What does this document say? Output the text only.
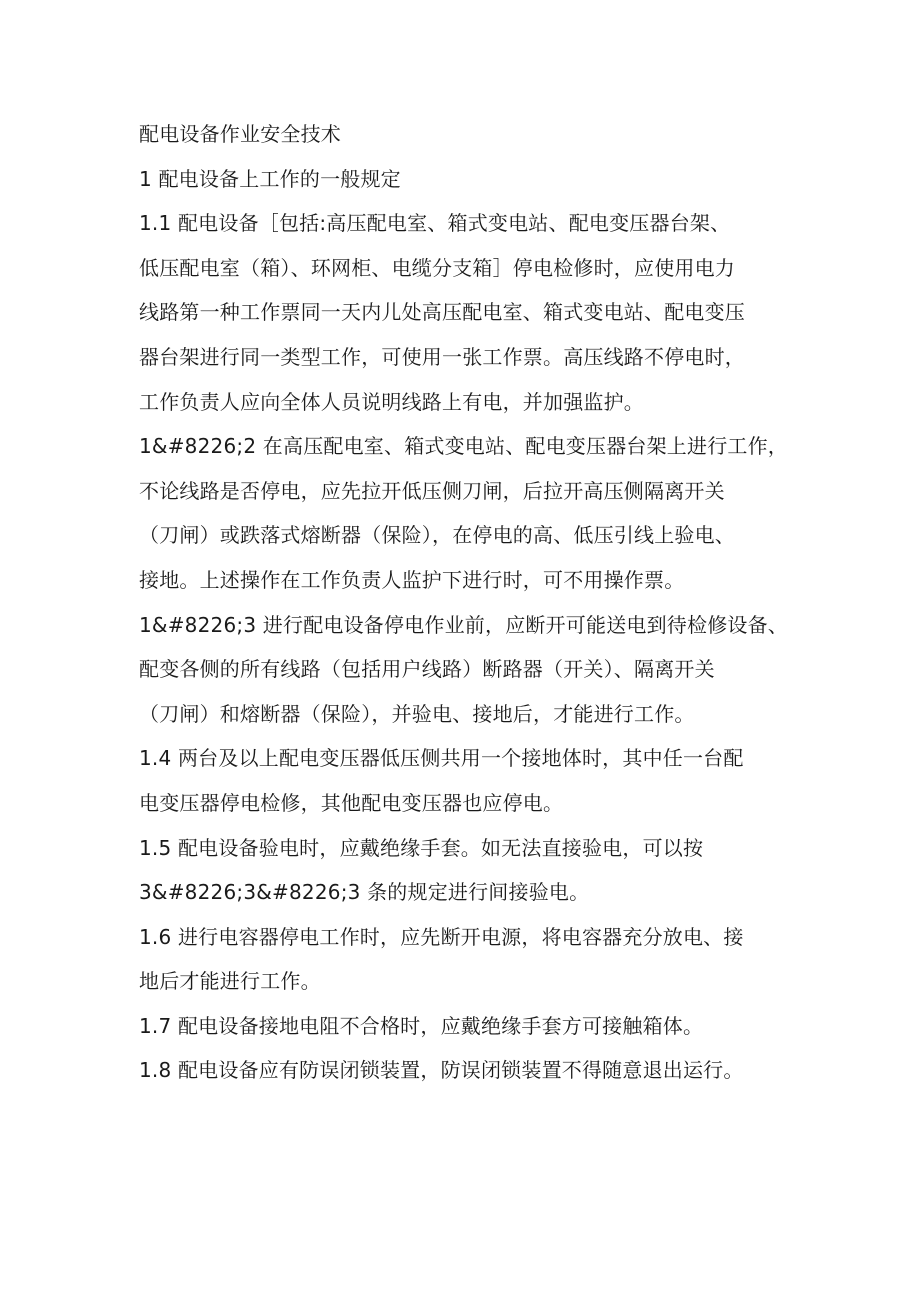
配电设备作业安全技术
1 配电设备上工作的一般规定
1.1 配电设备［包括:高压配电室、箱式变电站、配电变压器台架、
低压配电室（箱）、环网柜、电缆分支箱］停电检修时，应使用电力
线路第一种工作票同一天内儿处高压配电室、箱式变电站、配电变压
器台架进行同一类型工作，可使用一张工作票。高压线路不停电时，
工作负责人应向全体人员说明线路上有电，并加强监护。
1&#8226;2 在高压配电室、箱式变电站、配电变压器台架上进行工作，
不论线路是否停电，应先拉开低压侧刀闸，后拉开高压侧隔离开关
（刀闸）或跌落式熔断器（保险），在停电的高、低压引线上验电、
接地。上述操作在工作负责人监护下进行时，可不用操作票。
1&#8226;3 进行配电设备停电作业前，应断开可能送电到待检修设备、
配变各侧的所有线路（包括用户线路）断路器（开关）、隔离开关
（刀闸）和熔断器（保险），并验电、接地后，才能进行工作。
1.4 两台及以上配电变压器低压侧共用一个接地体时，其中任一台配
电变压器停电检修，其他配电变压器也应停电。
1.5 配电设备验电时，应戴绝缘手套。如无法直接验电，可以按
3&#8226;3&#8226;3 条的规定进行间接验电。
1.6 进行电容器停电工作时，应先断开电源，将电容器充分放电、接
地后才能进行工作。
1.7 配电设备接地电阻不合格时，应戴绝缘手套方可接触箱体。
1.8 配电设备应有防误闭锁装置，防误闭锁装置不得随意退出运行。
